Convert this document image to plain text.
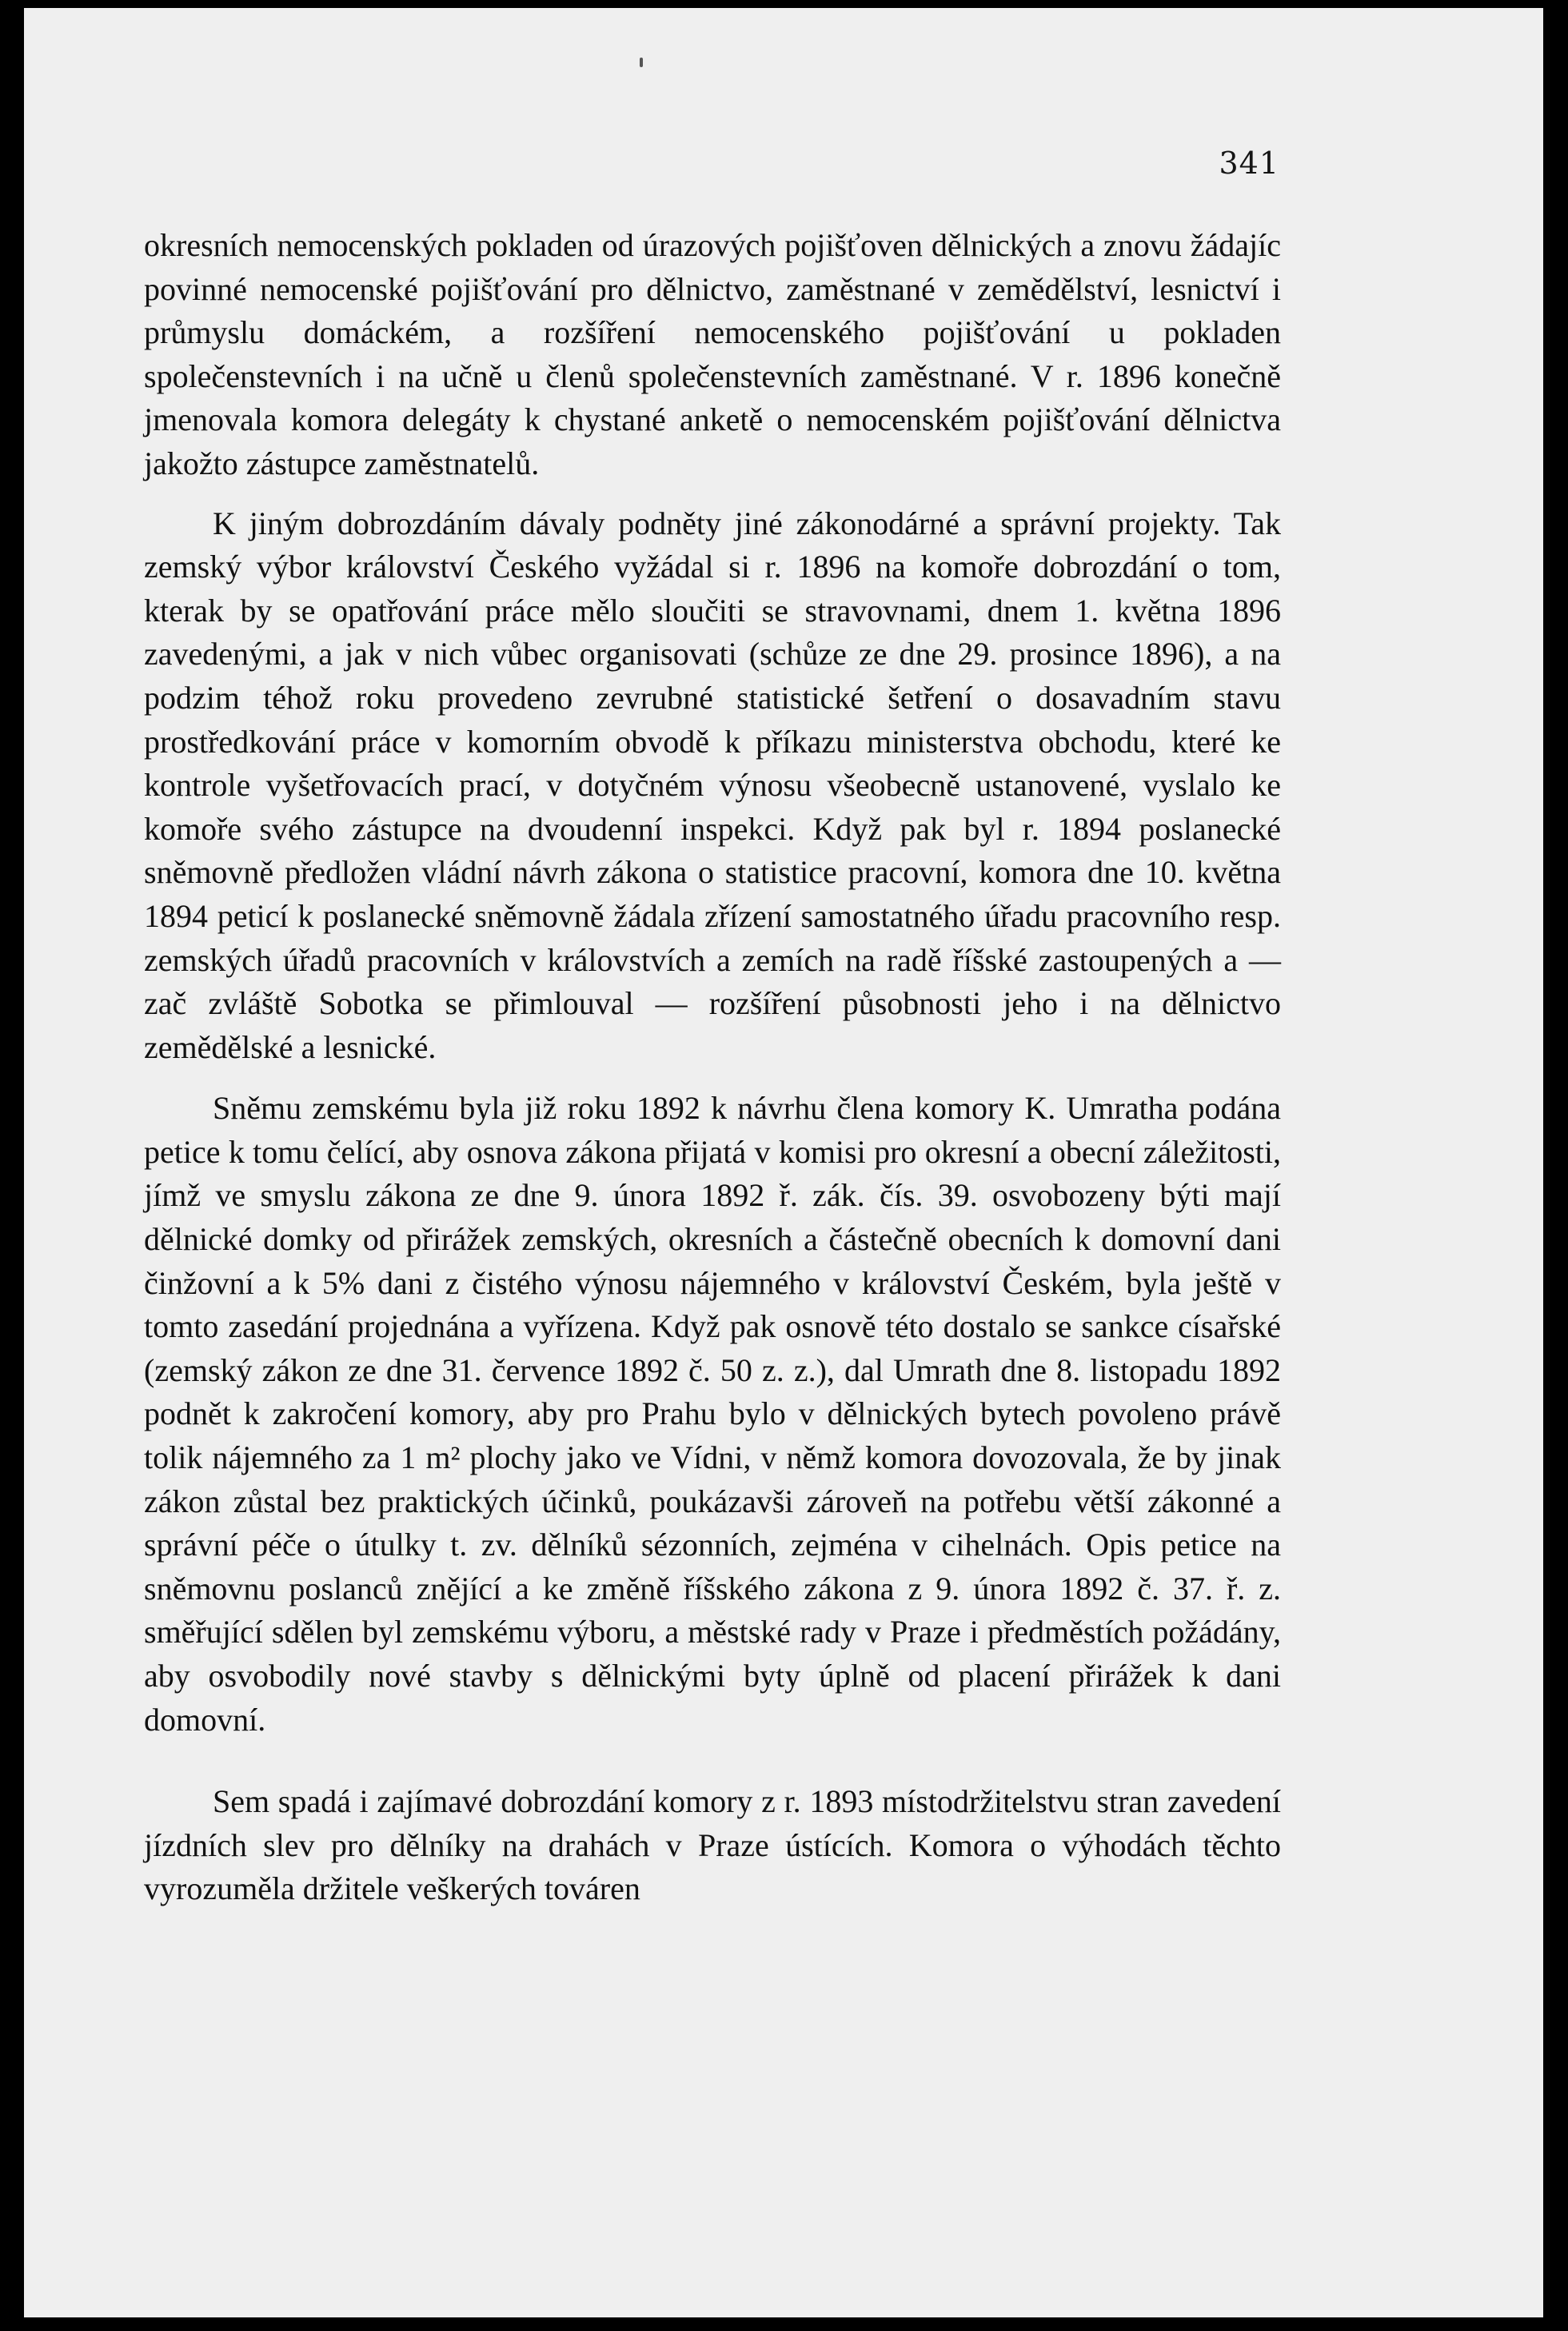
341

okresních nemocenských pokladen od úrazových pojišťoven dělnických a znovu žádajíc povinné nemocenské pojišťování pro dělnictvo, zaměstnané v zemědělství, lesnictví i průmyslu domáckém, a rozšíření nemocenského pojišťování u pokladen společenstevních i na učně u členů společenstevních zaměstnané. V r. 1896 konečně jmenovala komora delegáty k chystané anketě o nemocenském pojišťování dělnictva jakožto zástupce zaměstnatelů.

K jiným dobrozdáním dávaly podněty jiné zákonodárné a správní projekty. Tak zemský výbor království Českého vyžádal si r. 1896 na komoře dobrozdání o tom, kterak by se opatřování práce mělo sloučiti se stravovnami, dnem 1. května 1896 zavedenými, a jak v nich vůbec organisovati (schůze ze dne 29. prosince 1896), a na podzim téhož roku provedeno zevrubné statistické šetření o dosavadním stavu prostředkování práce v komorním obvodě k příkazu ministerstva obchodu, které ke kontrole vyšetřovacích prací, v dotyčném výnosu všeobecně ustanovené, vyslalo ke komoře svého zástupce na dvoudenní inspekci. Když pak byl r. 1894 poslanecké sněmovně předložen vládní návrh zákona o statistice pracovní, komora dne 10. května 1894 peticí k poslanecké sněmovně žádala zřízení samostatného úřadu pracovního resp. zemských úřadů pracovních v královstvích a zemích na radě říšské zastoupených a — zač zvláště Sobotka se přimlouval — rozšíření působnosti jeho i na dělnictvo zemědělské a lesnické.

Sněmu zemskému byla již roku 1892 k návrhu člena komory K. Umratha podána petice k tomu čelící, aby osnova zákona přijatá v komisi pro okresní a obecní záležitosti, jímž ve smyslu zákona ze dne 9. února 1892 ř. zák. čís. 39. osvobozeny býti mají dělnické domky od přirážek zemských, okresních a částečně obecních k domovní dani činžovní a k 5% dani z čistého výnosu nájemného v království Českém, byla ještě v tomto zasedání projednána a vyřízena. Když pak osnově této dostalo se sankce císařské (zemský zákon ze dne 31. července 1892 č. 50 z. z.), dal Umrath dne 8. listopadu 1892 podnět k zakročení komory, aby pro Prahu bylo v dělnických bytech povoleno právě tolik nájemného za 1 m² plochy jako ve Vídni, v němž komora dovozovala, že by jinak zákon zůstal bez praktických účinků, poukázavši zároveň na potřebu větší zákonné a správní péče o útulky t. zv. dělníků sézonních, zejména v cihelnách. Opis petice na sněmovnu poslanců znějící a ke změně říšského zákona z 9. února 1892 č. 37. ř. z. směřující sdělen byl zemskému výboru, a městské rady v Praze i předměstích požádány, aby osvobodily nové stavby s dělnickými byty úplně od placení přirážek k dani domovní.

Sem spadá i zajímavé dobrozdání komory z r. 1893 místodržitelstvu stran zavedení jízdních slev pro dělníky na drahách v Praze ústících. Komora o výhodách těchto vyrozuměla držitele veškerých továren
